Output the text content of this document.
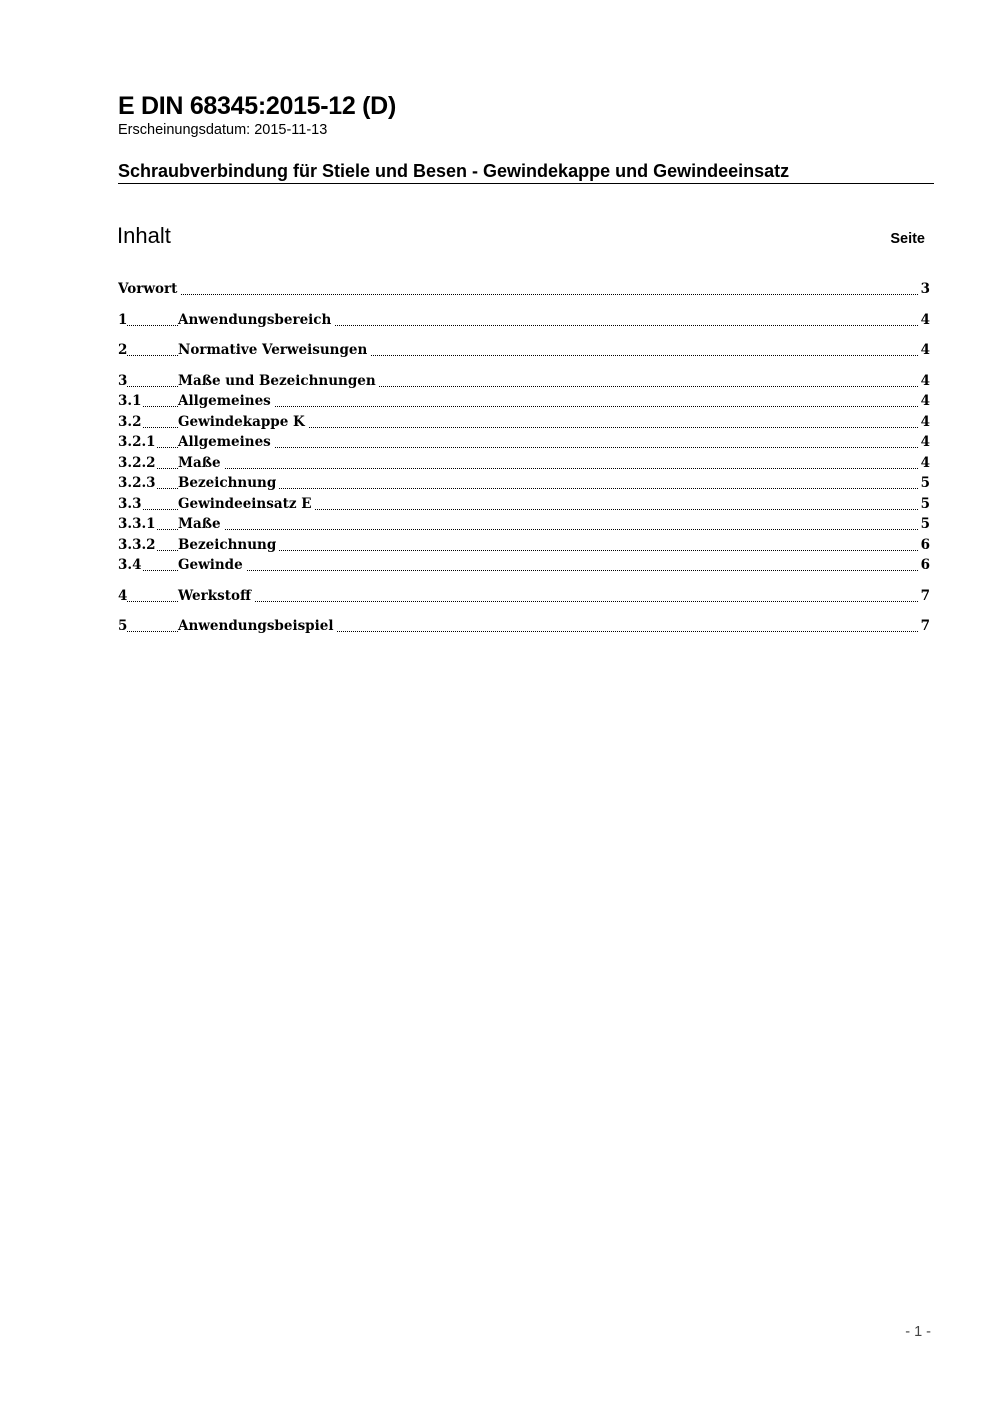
E DIN 68345:2015-12 (D)
Erscheinungsdatum: 2015-11-13
Schraubverbindung für Stiele und Besen - Gewindekappe und Gewindeeinsatz
Inhalt	Seite
Vorwort	3
1	Anwendungsbereich	4
2	Normative Verweisungen	4
3	Maße und Bezeichnungen	4
3.1	Allgemeines	4
3.2	Gewindekappe K	4
3.2.1 Allgemeines	4
3.2.2 Maße	4
3.2.3 Bezeichnung	5
3.3	Gewindeeinsatz E	5
3.3.1 Maße	5
3.3.2 Bezeichnung	6
3.4	Gewinde	6
4	Werkstoff	7
5	Anwendungsbeispiel	7
- 1 -
